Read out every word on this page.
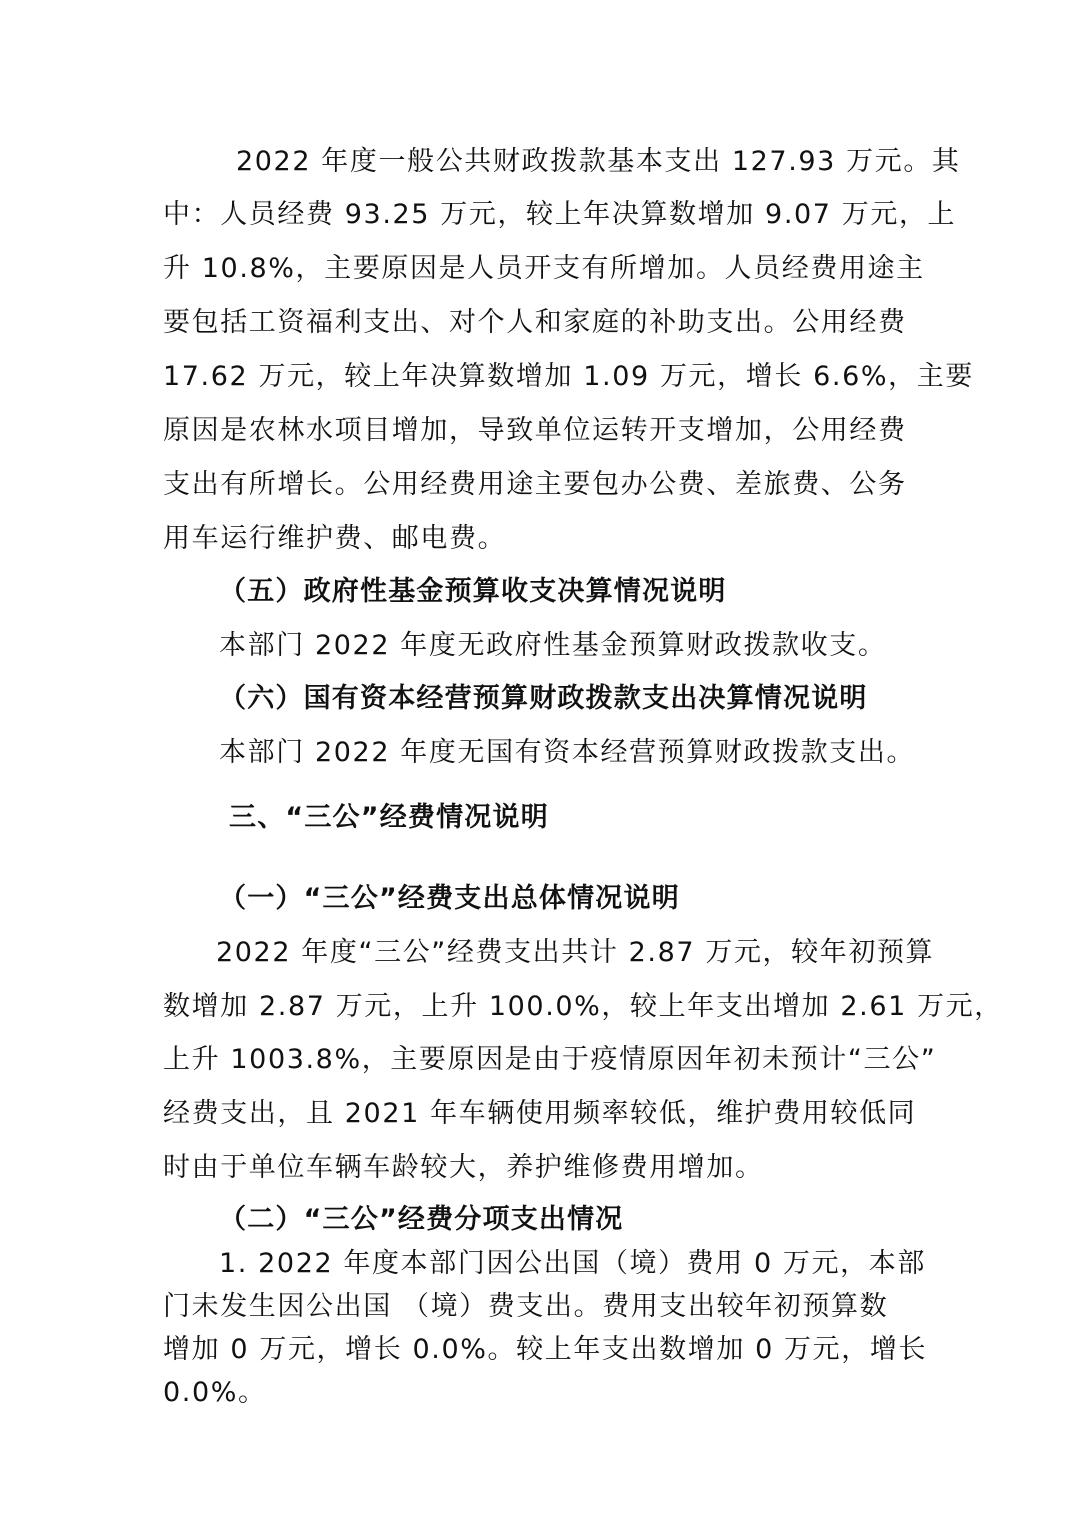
2022 年度一般公共财政拨款基本支出 127.93 万元。其
中：人员经费 93.25 万元，较上年决算数增加 9.07 万元，上
升 10.8%，主要原因是人员开支有所增加。人员经费用途主
要包括工资福利支出、对个人和家庭的补助支出。公用经费
17.62 万元，较上年决算数增加 1.09 万元，增长 6.6%，主要
原因是农林水项目增加，导致单位运转开支增加，公用经费
支出有所增长。公用经费用途主要包办公费、差旅费、公务
用车运行维护费、邮电费。
（五）政府性基金预算收支决算情况说明
本部门 2022 年度无政府性基金预算财政拨款收支。
（六）国有资本经营预算财政拨款支出决算情况说明
本部门 2022 年度无国有资本经营预算财政拨款支出。
三、“三公”经费情况说明
（一）“三公”经费支出总体情况说明
2022 年度“三公”经费支出共计 2.87 万元，较年初预算
数增加 2.87 万元，上升 100.0%，较上年支出增加 2.61 万元，
上升 1003.8%，主要原因是由于疫情原因年初未预计“三公”
经费支出，且 2021 年车辆使用频率较低，维护费用较低同
时由于单位车辆车龄较大，养护维修费用增加。
（二）“三公”经费分项支出情况
1. 2022 年度本部门因公出国（境）费用 0 万元，本部
门未发生因公出国 （境）费支出。费用支出较年初预算数
增加 0 万元，增长 0.0%。较上年支出数增加 0 万元，增长
0.0%。
